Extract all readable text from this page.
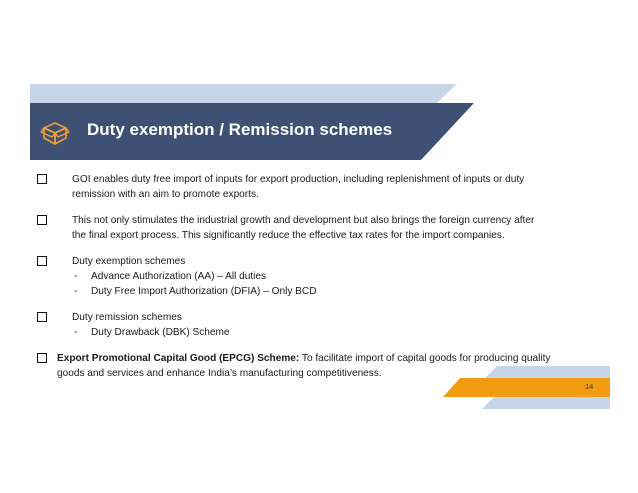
Duty exemption / Remission schemes
GOI enables duty free import of inputs for export production, including replenishment of inputs or duty
remission with an aim to promote exports.
This not only stimulates the industrial growth and development but also brings the foreign currency after
the final export process. This significantly reduce the effective tax rates for the import companies.
Duty exemption schemes
- Advance Authorization (AA) – All duties
- Duty Free Import Authorization (DFIA) – Only BCD
Duty remission schemes
- Duty Drawback (DBK) Scheme
Export Promotional Capital Good (EPCG) Scheme: To facilitate import of capital goods for producing quality
goods and services and enhance India’s manufacturing competitiveness.
14
